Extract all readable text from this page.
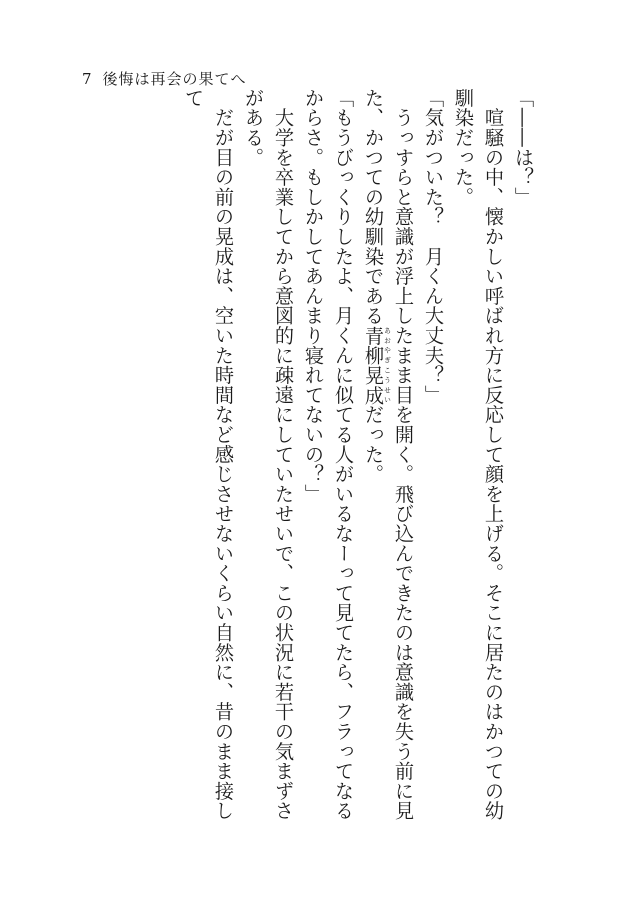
7 後悔は再会の果てへ

「――は？」

　喧騒の中、懐かしい呼ばれ方に反応して顔を上げる。そこに居たのはかつての幼馴染だった。

「気がついた？　月くん大丈夫？」

　うっすらと意識が浮上したまま目を開く。飛び込んできたのは意識を失う前に見た、かつての幼馴染である青柳晃成あおやぎこうせいだった。

「もうびっくりしたよ、月くんに似てる人がいるなーって見てたら、フラってなるからさ。もしかしてあんまり寝れてないの？」

　大学を卒業してから意図的に疎遠にしていたせいで、この状況に若干の気まずさがある。

　だが目の前の晃成は、空いた時間など感じさせないくらい自然に、昔のまま接して
